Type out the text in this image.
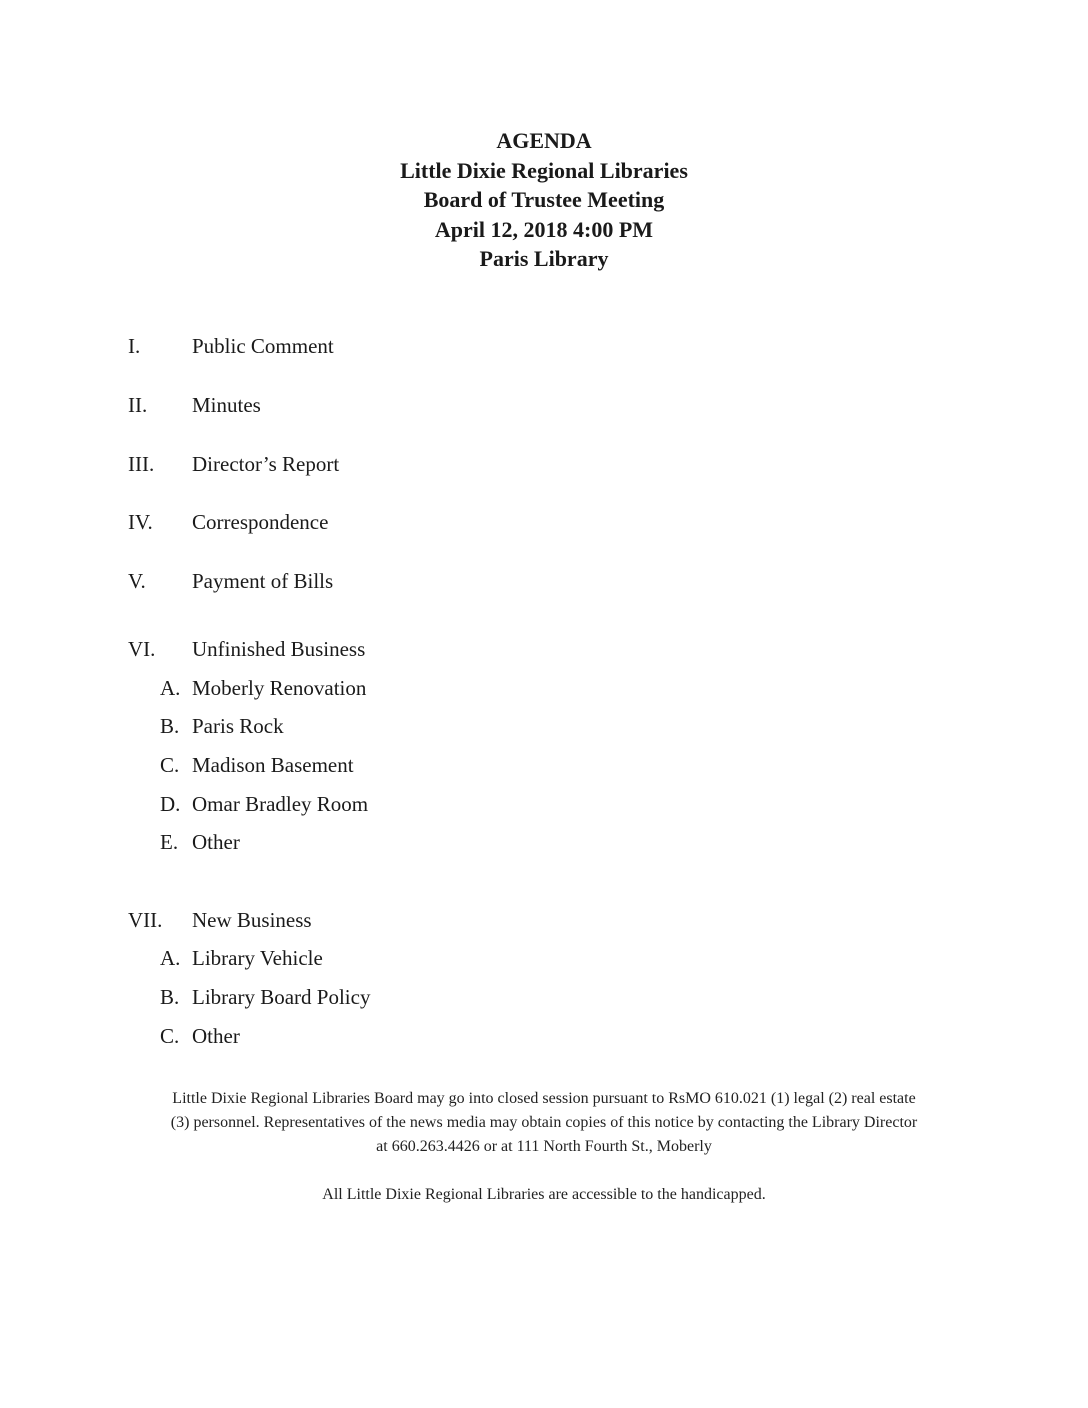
AGENDA
Little Dixie Regional Libraries
Board of Trustee Meeting
April 12, 2018 4:00 PM
Paris Library
I. Public Comment
II. Minutes
III. Director’s Report
IV. Correspondence
V. Payment of Bills
VI. Unfinished Business
A. Moberly Renovation
B. Paris Rock
C. Madison Basement
D. Omar Bradley Room
E. Other
VII. New Business
A. Library Vehicle
B. Library Board Policy
C. Other
Little Dixie Regional Libraries Board may go into closed session pursuant to RsMO 610.021 (1) legal (2) real estate
(3) personnel. Representatives of the news media may obtain copies of this notice by contacting the Library Director
at 660.263.4426 or at 111 North Fourth St., Moberly
All Little Dixie Regional Libraries are accessible to the handicapped.
